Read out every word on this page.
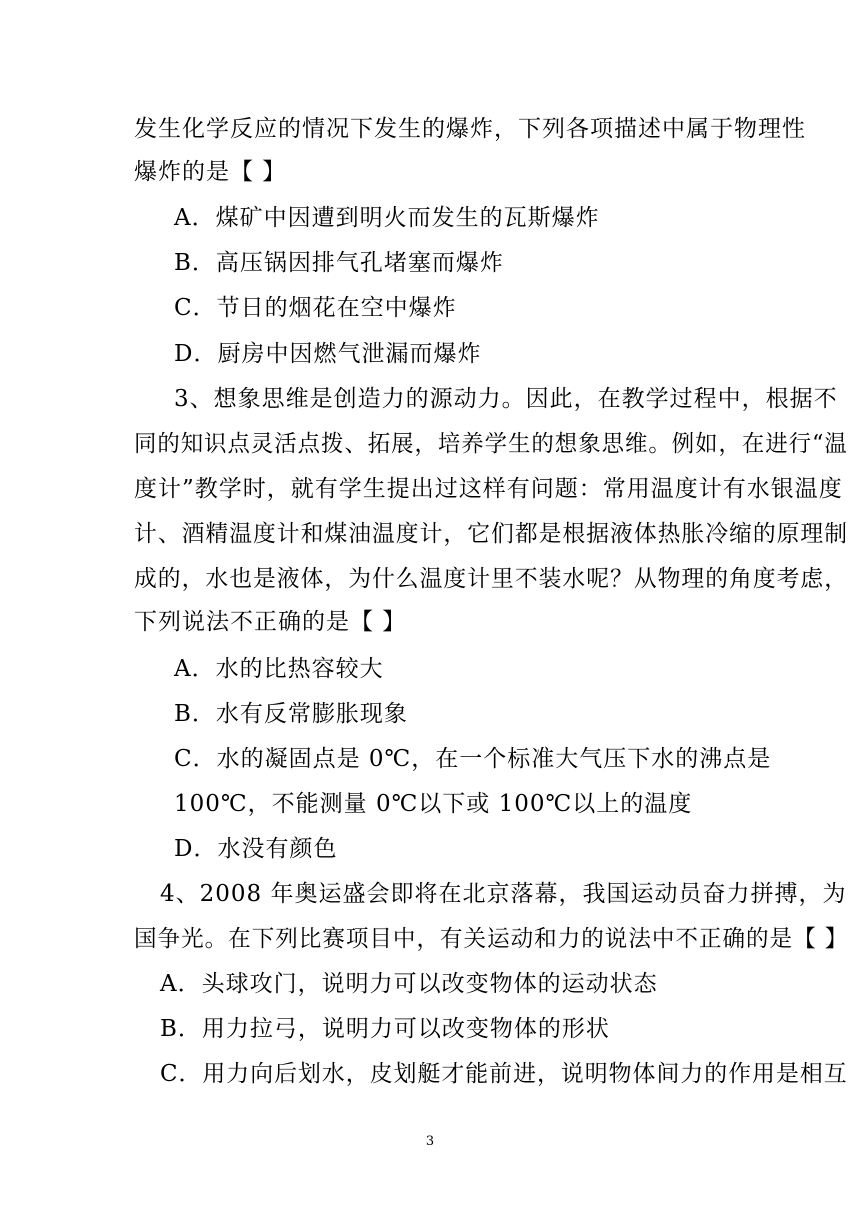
发生化学反应的情况下发生的爆炸，下列各项描述中属于物理性
爆炸的是【 】
A．煤矿中因遭到明火而发生的瓦斯爆炸
B．高压锅因排气孔堵塞而爆炸
C．节日的烟花在空中爆炸
D．厨房中因燃气泄漏而爆炸
3、想象思维是创造力的源动力。因此，在教学过程中，根据不
同的知识点灵活点拨、拓展，培养学生的想象思维。例如，在进行“温
度计”教学时，就有学生提出过这样有问题：常用温度计有水银温度
计、酒精温度计和煤油温度计，它们都是根据液体热胀冷缩的原理制
成的，水也是液体，为什么温度计里不装水呢？从物理的角度考虑，
下列说法不正确的是【 】
A．水的比热容较大
B．水有反常膨胀现象
C．水的凝固点是 0℃，在一个标准大气压下水的沸点是
100℃，不能测量 0℃以下或 100℃以上的温度
D．水没有颜色
4、2008 年奥运盛会即将在北京落幕，我国运动员奋力拼搏，为
国争光。在下列比赛项目中，有关运动和力的说法中不正确的是【 】
A．头球攻门，说明力可以改变物体的运动状态
B．用力拉弓，说明力可以改变物体的形状
C．用力向后划水，皮划艇才能前进，说明物体间力的作用是相互
3
